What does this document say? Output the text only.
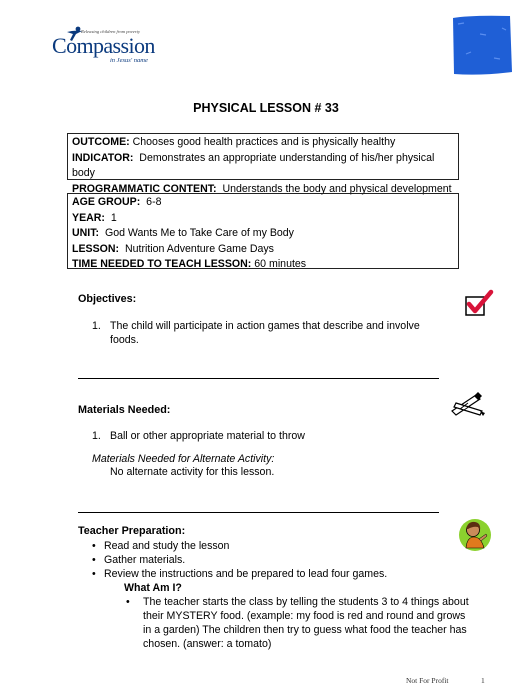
Releasing children from poverty
Compassion
in Jesus' name
PHYSICAL LESSON # 33
OUTCOME: Chooses good health practices and is physically healthy
INDICATOR: Demonstrates an appropriate understanding of his/her physical body
PROGRAMMATIC CONTENT: Understands the body and physical development
AGE GROUP: 6-8
YEAR: 1
UNIT: God Wants Me to Take Care of my Body
LESSON: Nutrition Adventure Game Days
TIME NEEDED TO TEACH LESSON: 60 minutes
Objectives:
1. The child will participate in action games that describe and involve
foods.
Materials Needed:
1. Ball or other appropriate material to throw
Materials Needed for Alternate Activity:
No alternate activity for this lesson.
Teacher Preparation:
• Read and study the lesson
• Gather materials.
• Review the instructions and be prepared to lead four games.
What Am I?
• The teacher starts the class by telling the students 3 to 4 things about
their MYSTERY food. (example: my food is red and round and grows
in a garden) The children then try to guess what food the teacher has
chosen. (answer: a tomato)
Not For Profit	1
